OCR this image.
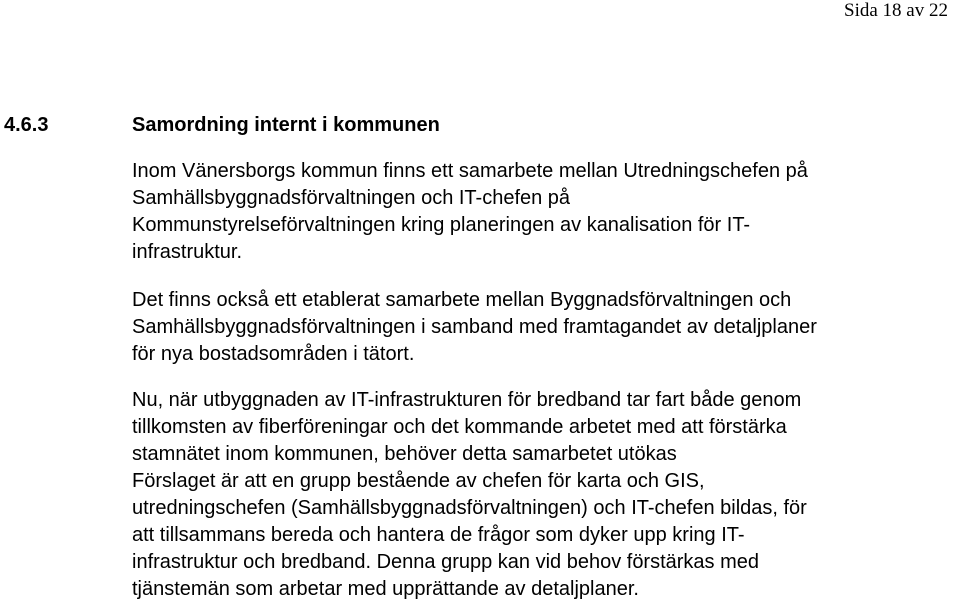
Sida 18 av 22
4.6.3	Samordning internt i kommunen

Inom Vänersborgs kommun finns ett samarbete mellan Utredningschefen på
Samhällsbyggnadsförvaltningen och IT-chefen på
Kommunstyrelseförvaltningen kring planeringen av kanalisation för IT-
infrastruktur.

Det finns också ett etablerat samarbete mellan Byggnadsförvaltningen och
Samhällsbyggnadsförvaltningen i samband med framtagandet av detaljplaner
för nya bostadsområden i tätort.

Nu, när utbyggnaden av IT-infrastrukturen för bredband tar fart både genom
tillkomsten av fiberföreningar och det kommande arbetet med att förstärka
stamnätet inom kommunen, behöver detta samarbetet utökas
Förslaget är att en grupp bestående av chefen för karta och GIS,
utredningschefen (Samhällsbyggnadsförvaltningen) och IT-chefen bildas, för
att tillsammans bereda och hantera de frågor som dyker upp kring IT-
infrastruktur och bredband. Denna grupp kan vid behov förstärkas med
tjänstemän som arbetar med upprättande av detaljplaner.
